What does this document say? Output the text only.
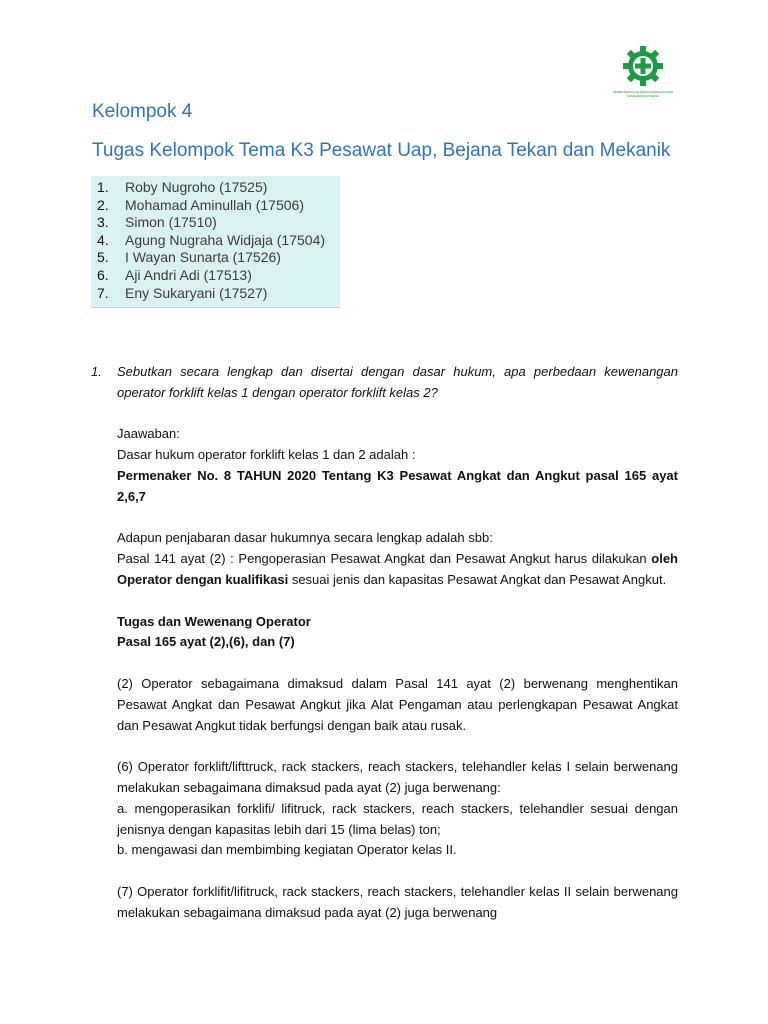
KEMENTERIAN KETENAGAKERJAAN RAPI KESELAMATAN KERJA
Kelompok 4
Tugas Kelompok Tema K3 Pesawat Uap, Bejana Tekan dan Mekanik
1.	Roby Nugroho (17525)
2.	Mohamad Aminullah (17506)
3.	Simon (17510)
4.	Agung Nugraha Widjaja (17504)
5.	I Wayan Sunarta (17526)
6.	Aji Andri Adi (17513)
7.	Eny Sukaryani (17527)
1. Sebutkan secara lengkap dan disertai dengan dasar hukum, apa perbedaan kewenangan operator forklift kelas 1 dengan operator forklift kelas 2?

Jaawaban:

Dasar hukum operator forklift kelas 1 dan 2 adalah :

Permenaker No. 8 TAHUN 2020 Tentang K3 Pesawat Angkat dan Angkut pasal 165 ayat 2,6,7

Adapun penjabaran dasar hukumnya secara lengkap adalah sbb:

Pasal 141 ayat (2) : Pengoperasian Pesawat Angkat dan Pesawat Angkut harus dilakukan oleh Operator dengan kualifikasi sesuai jenis dan kapasitas Pesawat Angkat dan Pesawat Angkut.

Tugas dan Wewenang Operator

Pasal 165 ayat (2),(6), dan (7)

(2) Operator sebagaimana dimaksud dalam Pasal 141 ayat (2) berwenang menghentikan Pesawat Angkat dan Pesawat Angkut jika Alat Pengaman atau perlengkapan Pesawat Angkat dan Pesawat Angkut tidak berfungsi dengan baik atau rusak.

(6) Operator forklift/lifttruck, rack stackers, reach stackers, telehandler kelas I selain berwenang melakukan sebagaimana dimaksud pada ayat (2) juga berwenang:

a. mengoperasikan forklifi/ lifitruck, rack stackers, reach stackers, telehandler sesuai dengan jenisnya dengan kapasitas lebih dari 15 (lima belas) ton;

b. mengawasi dan membimbing kegiatan Operator kelas II.

(7) Operator forklifit/lifitruck, rack stackers, reach stackers, telehandler kelas II selain berwenang melakukan sebagaimana dimaksud pada ayat (2) juga berwenang
